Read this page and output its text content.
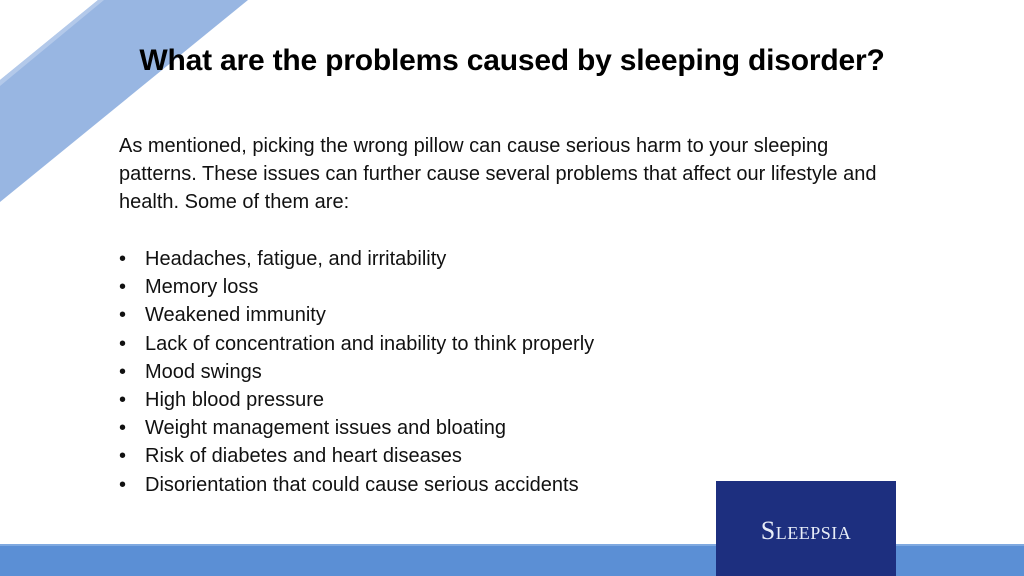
What are the problems caused by sleeping disorder?

As mentioned, picking the wrong pillow can cause serious harm to your sleeping patterns. These issues can further cause several problems that affect our lifestyle and health. Some of them are:

• Headaches, fatigue, and irritability
• Memory loss
• Weakened immunity
• Lack of concentration and inability to think properly
• Mood swings
• High blood pressure
• Weight management issues and bloating
• Risk of diabetes and heart diseases
• Disorientation that could cause serious accidents
Sleepsia
